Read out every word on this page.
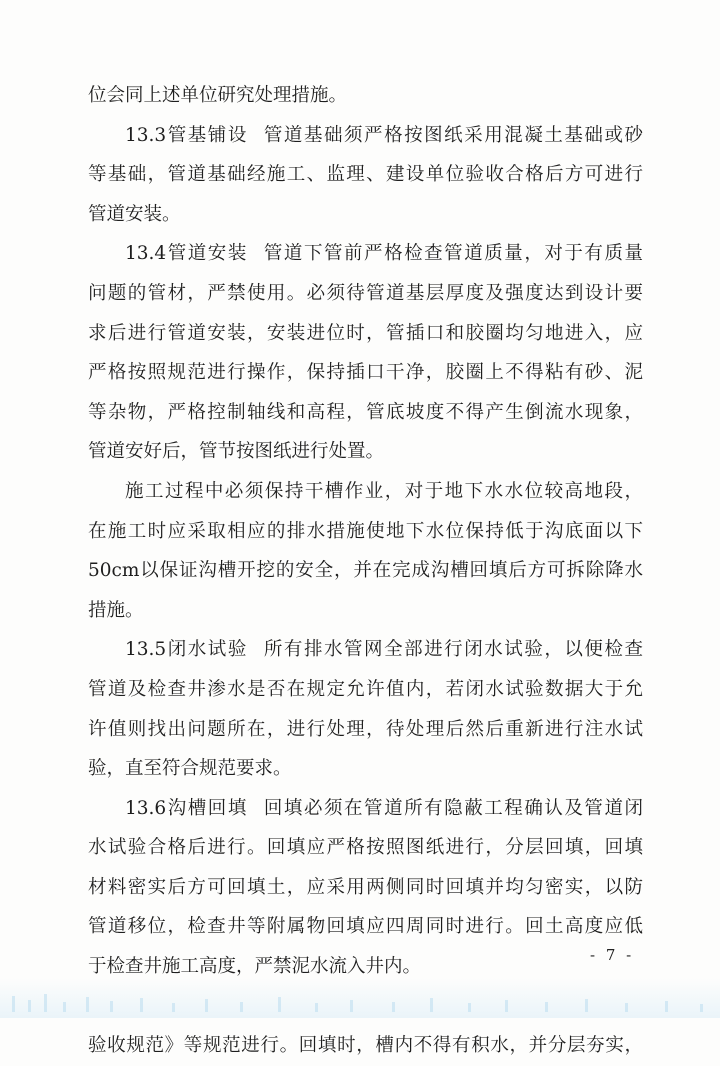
位会同上述单位研究处理措施。
13.3管基铺设 管道基础须严格按图纸采用混凝土基础或砂
等基础，管道基础经施工、监理、建设单位验收合格后方可进行
管道安装。
13.4管道安装 管道下管前严格检查管道质量，对于有质量
问题的管材，严禁使用。必须待管道基层厚度及强度达到设计要
求后进行管道安装，安装进位时，管插口和胶圈均匀地进入，应
严格按照规范进行操作，保持插口干净，胶圈上不得粘有砂、泥
等杂物，严格控制轴线和高程，管底坡度不得产生倒流水现象，
管道安好后，管节按图纸进行处置。
施工过程中必须保持干槽作业，对于地下水水位较高地段，
在施工时应采取相应的排水措施使地下水位保持低于沟底面以下
50cm以保证沟槽开挖的安全，并在完成沟槽回填后方可拆除降水
措施。
13.5闭水试验 所有排水管网全部进行闭水试验，以便检查
管道及检查井渗水是否在规定允许值内，若闭水试验数据大于允
许值则找出问题所在，进行处理，待处理后然后重新进行注水试
验，直至符合规范要求。
13.6沟槽回填 回填必须在管道所有隐蔽工程确认及管道闭
水试验合格后进行。回填应严格按照图纸进行，分层回填，回填
材料密实后方可回填土，应采用两侧同时回填并均匀密实，以防
管道移位，检查井等附属物回填应四周同时进行。回土高度应低
于检查井施工高度，严禁泥水流入井内。
验收规范》等规范进行。回填时，槽内不得有积水，并分层夯实，
- 7 -
